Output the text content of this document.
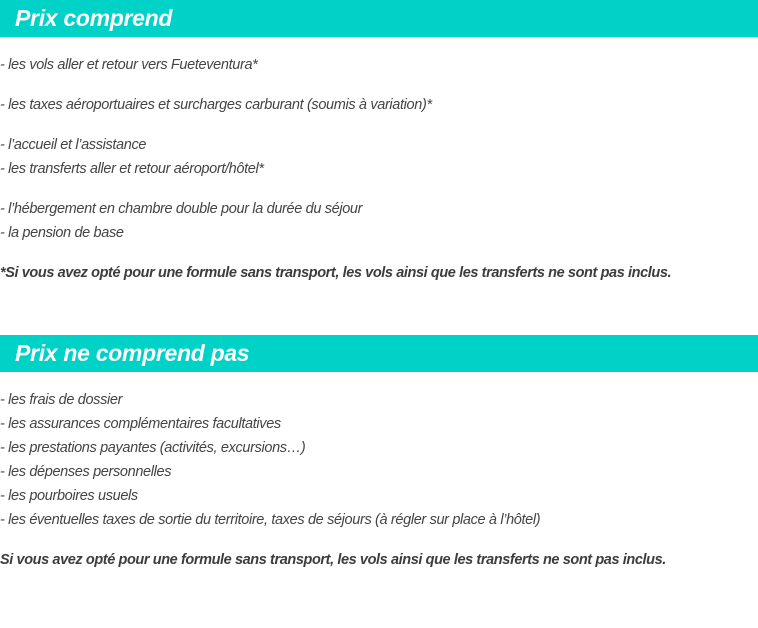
Prix comprend
- les vols aller et retour vers Fueteventura*
- les taxes aéroportuaires et surcharges carburant (soumis à variation)*
- l’accueil et l’assistance
- les transferts aller et retour aéroport/hôtel*
- l’hébergement en chambre double pour la durée du séjour
- la pension de base
*Si vous avez opté pour une formule sans transport, les vols ainsi que les transferts ne sont pas inclus.
Prix ne comprend pas
- les frais de dossier
- les assurances complémentaires facultatives
- les prestations payantes (activités, excursions…)
- les dépenses personnelles
- les pourboires usuels
- les éventuelles taxes de sortie du territoire, taxes de séjours (à régler sur place à l’hôtel)
Si vous avez opté pour une formule sans transport, les vols ainsi que les transferts ne sont pas inclus.
